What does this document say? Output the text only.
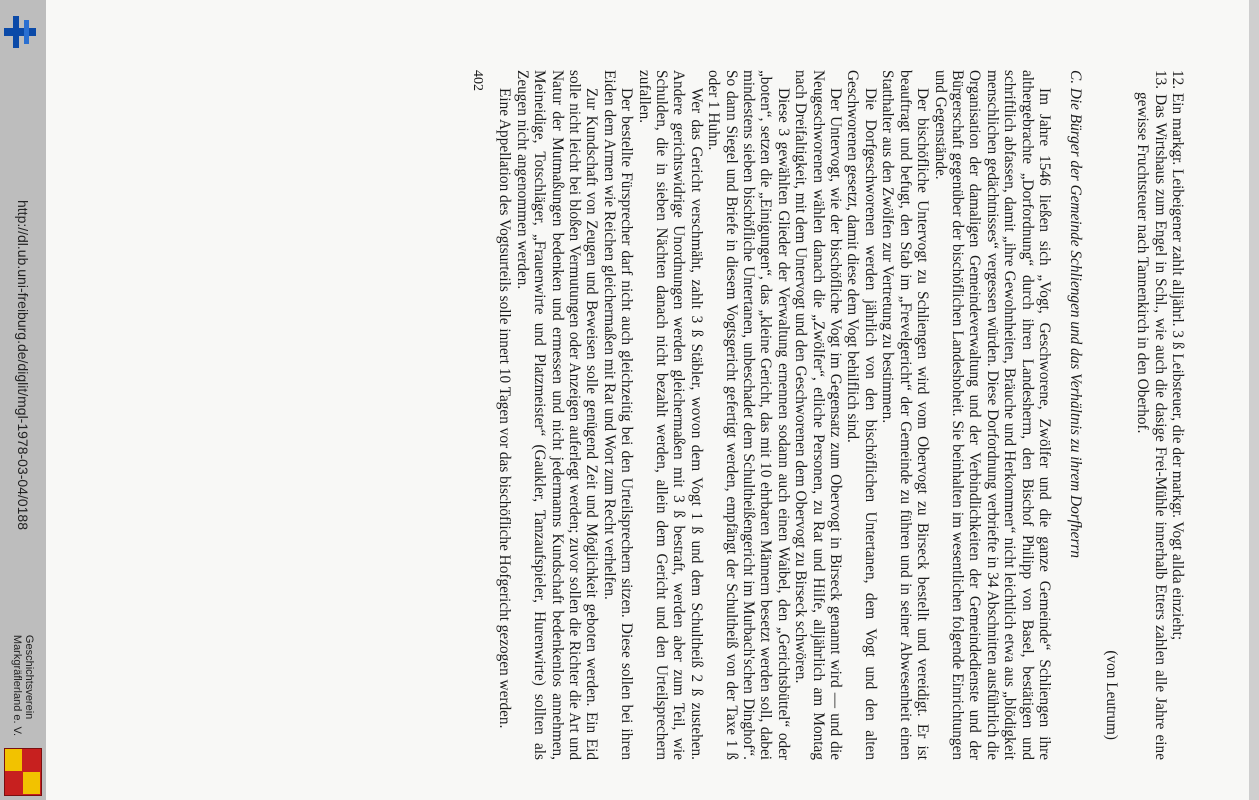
http://dl.ub.uni-freiburg.de/diglit/mgl-1978-03-04/0188
Geschichtsverein
Markgräflerland e. V.

12. Ein markgr. Leibeigener zahlt alljährl. 3 ß Leibsteuer, die der markgr. Vogt allda einzieht;

13. Das Wirtshaus zum Engel in Schl., wie auch die dasige Frei-Mühle innerhalb Etters zahlen alle Jahre eine gewisse Fruchtsteuer nach Tannenkirch in den Oberhof.

(von Leutrum)

C. Die Bürger der Gemeinde Schliengen und das Verhältnis zu ihrem Dorfherrn

Im Jahre 1546 ließen sich „Vogt, Geschworene, Zwölfer und die ganze Gemeinde“ Schliengen ihre althergebrachte „Dorfordnung“ durch ihren Landesherrn, den Bischof Philipp von Basel, bestätigen und schriftlich abfassen, damit „ihre Gewohnheiten, Bräuche und Herkommen“ nicht leichtlich etwa aus „blödigkeit menschlichen gedächtnisses“ vergessen würden. Diese Dorfordnung verbriefte in 34 Abschnitten ausführlich die Organisation der damaligen Gemeindeverwaltung und der Verbindlichkeiten der Gemeindedienste und der Bürgerschaft gegenüber der bischöflichen Landeshoheit. Sie beinhalten im wesentlichen folgende Einrichtungen und Gegenstände.

Der bischöfliche Untervogt zu Schliengen wird vom Obervogt zu Birseck bestellt und vereidigt. Er ist beauftragt und befugt, den Stab im „Frevelgericht“ der Gemeinde zu führen und in seiner Abwesenheit einen Statthalter aus den Zwölfen zur Vertretung zu bestimmen.

Die Dorfgeschworenen werden jährlich von den bischöflichen Untertanen, dem Vogt und den alten Geschworenen gesetzt, damit diese dem Vogt behilflich sind.

Der Untervogt, wie der bischöfliche Vogt im Gegensatz zum Obervogt in Birseck genannt wird — und die Neugeschworenen wählen danach die „Zwölfer“, etliche Personen, zu Rat und Hilfe, alljährlich am Montag nach Dreifaltigkeit, mit dem Untervogt und den Geschworenen dem Obervogt zu Birseck schwören.

Diese 3 gewählten Glieder der Verwaltung ernennen sodann auch einen Waibel, den „Gerichtsbüttel“ oder „boten“, setzen die „Einigungen“, das „kleine Gericht, das mit 10 ehrbaren Männern besetzt werden soll, dabei mindestens sieben bischöfliche Untertanen, unbeschadet dem Schultheißengericht im Murbach'schen Dinghof“. So dann Siegel und Briefe in diesem Vogtsgericht gefertigt werden, empfängt der Schultheiß von der Taxe 1 ß oder 1 Huhn.

Wer das Gericht verschmäht, zahlt 3 ß Stäbler, wovon dem Vogt 1 ß und dem Schultheiß 2 ß zustehen. Andere gerichtswidrige Unordnungen werden gleichermaßen mit 3 ß bestraft, werden aber zum Teil, wie Schulden, die in sieben Nächten danach nicht bezahlt werden, allein dem Gericht und den Urteilsprechern zufallen.

Der bestellte Fürsprecher darf nicht auch gleichzeitig bei den Urteilsprechern sitzen. Diese sollen bei ihren Eiden dem Armen wie Reichen gleichermaßen mit Rat und Wort zum Recht verhelfen.

Zur Kundschaft von Zeugen und Beweisen solle genügend Zeit und Möglichkeit geboten werden. Ein Eid solle nicht leicht bei bloßen Vermutungen oder Anzeigen auferlegt werden; zuvor sollen die Richter die Art und Natur der Mutmaßungen bedenken und ermessen und nicht jedermanns Kundschaft bedenkenlos annehmen, Meineidige, Totschläger, „Frauenwirte und Platzmeister“ (Gaukler, Tanzaufspieler, Hurenwirte) sollten als Zeugen nicht angenommen werden.

Eine Appellation des Vogtsurteils solle innert 10 Tagen vor das bischöfliche Hofgericht gezogen werden.

402
